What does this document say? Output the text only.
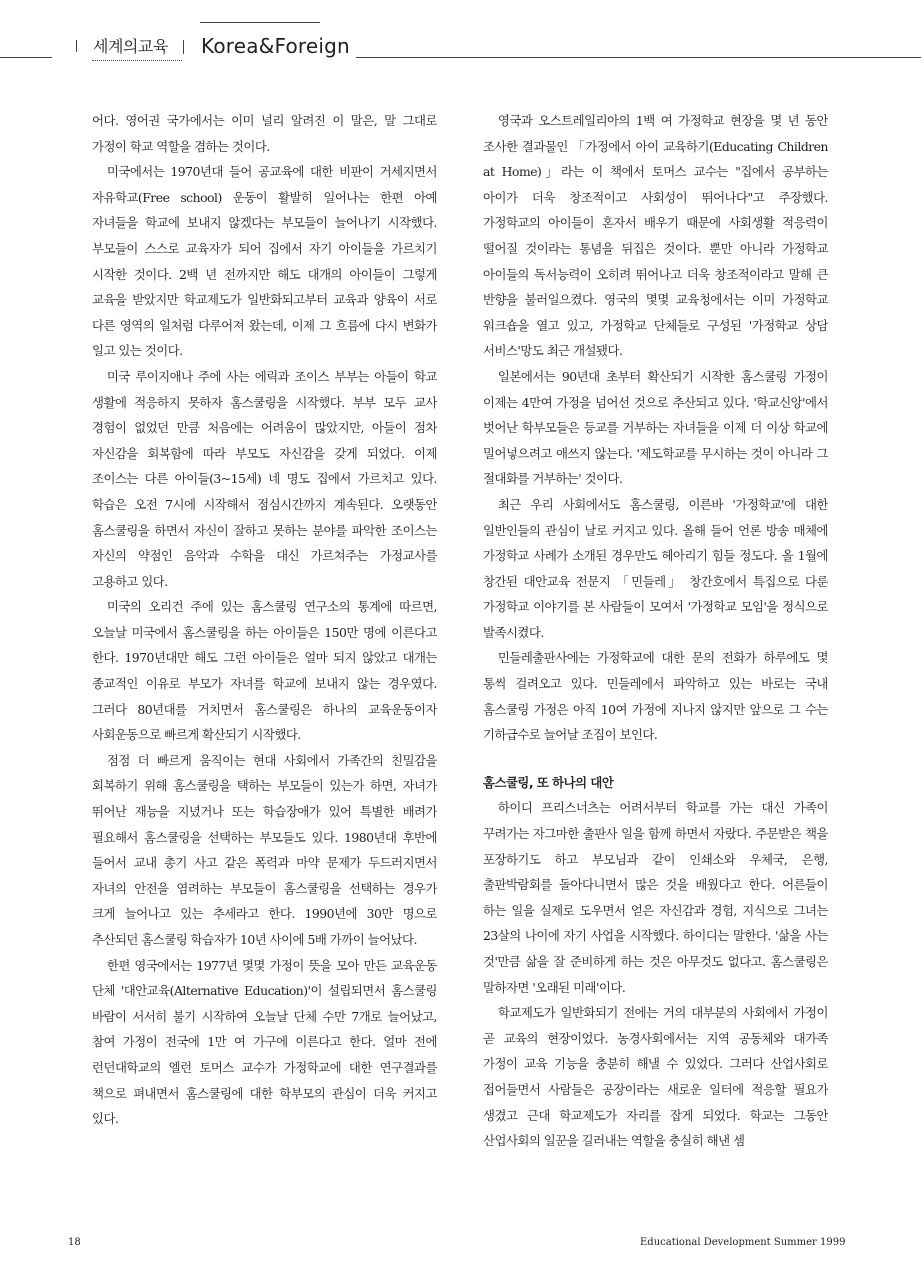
세계의교육 Korea&Foreign

어다. 영어권 국가에서는 이미 널리 알려진 이 말은, 말 그대로 가정이 학교 역할을 겸하는 것이다.

미국에서는 1970년대 들어 공교육에 대한 비판이 거세지면서 자유학교(Free school) 운동이 활발히 일어나는 한편 아예 자녀들을 학교에 보내지 않겠다는 부모들이 늘어나기 시작했다. 부모들이 스스로 교육자가 되어 집에서 자기 아이들을 가르치기 시작한 것이다. 2백 년 전까지만 해도 대개의 아이들이 그렇게 교육을 받았지만 학교제도가 일반화되고부터 교육과 양육이 서로 다른 영역의 일처럼 다루어져 왔는데, 이제 그 흐름에 다시 변화가 일고 있는 것이다.

미국 루이지애나 주에 사는 에릭과 조이스 부부는 아들이 학교 생활에 적응하지 못하자 홈스쿨링을 시작했다. 부부 모두 교사 경험이 없었던 만큼 처음에는 어려움이 많았지만, 아들이 점차 자신감을 회복함에 따라 부모도 자신감을 갖게 되었다. 이제 조이스는 다른 아이들(3~15세) 네 명도 집에서 가르치고 있다. 학습은 오전 7시에 시작해서 점심시간까지 계속된다. 오랫동안 홈스쿨링을 하면서 자신이 잘하고 못하는 분야를 파악한 조이스는 자신의 약점인 음악과 수학을 대신 가르쳐주는 가정교사를 고용하고 있다.

미국의 오리건 주에 있는 홈스쿨링 연구소의 통계에 따르면, 오늘날 미국에서 홈스쿨링을 하는 아이들은 150만 명에 이른다고 한다. 1970년대만 해도 그런 아이들은 얼마 되지 않았고 대개는 종교적인 이유로 부모가 자녀를 학교에 보내지 않는 경우였다. 그러다 80년대를 거치면서 홈스쿨링은 하나의 교육운동이자 사회운동으로 빠르게 확산되기 시작했다.

점점 더 빠르게 움직이는 현대 사회에서 가족간의 친밀감을 회복하기 위해 홈스쿨링을 택하는 부모들이 있는가 하면, 자녀가 뛰어난 재능을 지녔거나 또는 학습장애가 있어 특별한 배려가 필요해서 홈스쿨링을 선택하는 부모들도 있다. 1980년대 후반에 들어서 교내 총기 사고 같은 폭력과 마약 문제가 두드러지면서 자녀의 안전을 염려하는 부모들이 홈스쿨링을 선택하는 경우가 크게 늘어나고 있는 추세라고 한다. 1990년에 30만 명으로 추산되던 홈스쿨링 학습자가 10년 사이에 5배 가까이 늘어났다.

한편 영국에서는 1977년 몇몇 가정이 뜻을 모아 만든 교육운동 단체 '대안교육(Alternative Education)'이 설립되면서 홈스쿨링 바람이 서서히 불기 시작하여 오늘날 단체 수만 7개로 늘어났고, 참여 가정이 전국에 1만 여 가구에 이른다고 한다. 얼마 전에 런던대학교의 엘런 토머스 교수가 가정학교에 대한 연구결과를 책으로 펴내면서 홈스쿨링에 대한 학부모의 관심이 더욱 커지고 있다.

영국과 오스트레일리아의 1백 여 가정학교 현장을 몇 년 동안 조사한 결과물인 「가정에서 아이 교육하기(Educating Children at Home)」라는 이 책에서 토머스 교수는 "집에서 공부하는 아이가 더욱 창조적이고 사회성이 뛰어나다"고 주장했다. 가정학교의 아이들이 혼자서 배우기 때문에 사회생활 적응력이 떨어질 것이라는 통념을 뒤집은 것이다. 뿐만 아니라 가정학교 아이들의 독서능력이 오히려 뛰어나고 더욱 창조적이라고 말해 큰 반향을 불러일으켰다. 영국의 몇몇 교육청에서는 이미 가정학교 워크숍을 열고 있고, 가정학교 단체들로 구성된 '가정학교 상담 서비스'망도 최근 개설됐다.

일본에서는 90년대 초부터 확산되기 시작한 홈스쿨링 가정이 이제는 4만여 가정을 넘어선 것으로 추산되고 있다. '학교신앙'에서 벗어난 학부모들은 등교를 거부하는 자녀들을 이제 더 이상 학교에 밀어넣으려고 애쓰지 않는다. '제도학교를 무시하는 것이 아니라 그 절대화를 거부하는' 것이다.

최근 우리 사회에서도 홈스쿨링, 이른바 '가정학교'에 대한 일반인들의 관심이 날로 커지고 있다. 올해 들어 언론 방송 매체에 가정학교 사례가 소개된 경우만도 헤아리기 힘들 정도다. 올 1월에 창간된 대안교육 전문지 「민들레」 창간호에서 특집으로 다룬 가정학교 이야기를 본 사람들이 모여서 '가정학교 모임'을 정식으로 발족시켰다.

민들레출판사에는 가정학교에 대한 문의 전화가 하루에도 몇 통씩 걸려오고 있다. 민들레에서 파악하고 있는 바로는 국내 홈스쿨링 가정은 아직 10여 가정에 지나지 않지만 앞으로 그 수는 기하급수로 늘어날 조짐이 보인다.

홈스쿨링, 또 하나의 대안

하이디 프리스너츠는 어려서부터 학교를 가는 대신 가족이 꾸려가는 자그마한 출판사 일을 함께 하면서 자랐다. 주문받은 책을 포장하기도 하고 부모님과 같이 인쇄소와 우체국, 은행, 출판박람회를 돌아다니면서 많은 것을 배웠다고 한다. 어른들이 하는 일을 실제로 도우면서 얻은 자신감과 경험, 지식으로 그녀는 23살의 나이에 자기 사업을 시작했다. 하이디는 말한다. '삶을 사는 것'만큼 삶을 잘 준비하게 하는 것은 아무것도 없다고. 홈스쿨링은 말하자면 '오래된 미래'이다.

학교제도가 일반화되기 전에는 거의 대부분의 사회에서 가정이 곧 교육의 현장이었다. 농경사회에서는 지역 공동체와 대가족 가정이 교육 기능을 충분히 해낼 수 있었다. 그러다 산업사회로 접어들면서 사람들은 공장이라는 새로운 일터에 적응할 필요가 생겼고 근대 학교제도가 자리를 잡게 되었다. 학교는 그동안 산업사회의 일꾼을 길러내는 역할을 충실히 해낸 셈

18	Educational Development Summer 1999
